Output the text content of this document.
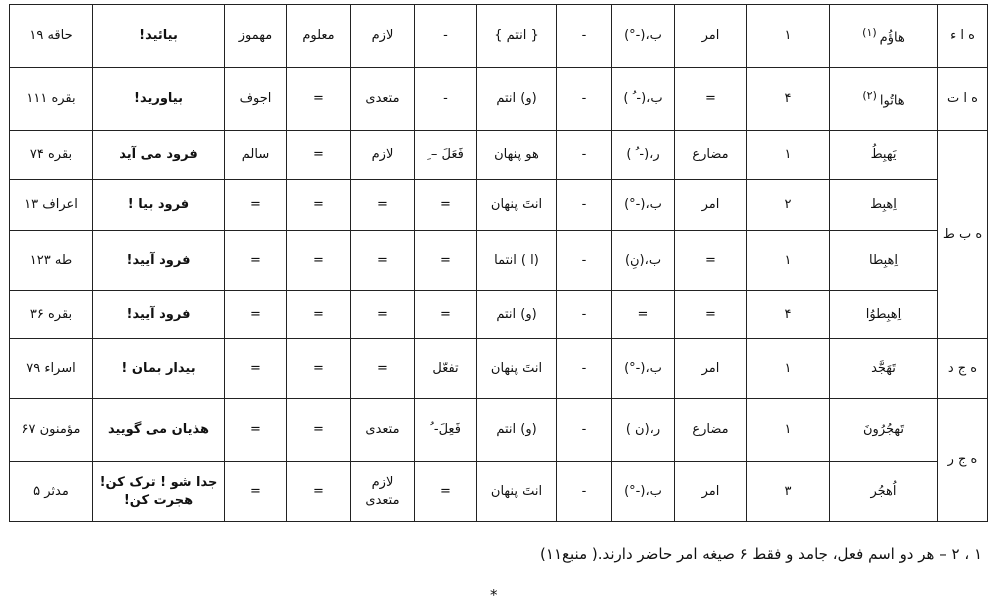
ه ا ء	هاؤُم$^{(١)}$	١	امر	ب،(-°)	-	{ انتم }	-	لازم	معلوم	مهموز	بیائید!	حاقه ١٩
ه ا ت	هاتُوا$^{(٢)}$	۴	=	ب،(- ُ )	-	(و) انتم	-	متعدی	=	اجوف	بیاورید!	بقره ١١١
ه ب ط	یَهبِطُ	١	مضارع	ر،(- ُ )	-	هو پنهان	فَعَلَ – ِ	لازم	=	سالم	فرود می آید	بقره ٧۴
	اِهبِط	٢	امر	ب،(-°)	-	انتَ پنهان	=	=	=	=	فرود بیا !	اعراف ١٣
	اِهبِطا	١	=	ب،(نِ)	-	(ا ) انتما	=	=	=	=	فرود آیید!	طه ١٢٣
	اِهبِطوُا	۴	=	=	-	(و) انتم	=	=	=	=	فرود آیید!	بقره ٣۶
ه ج د	تَهَجَّد	١	امر	ب،(-°)	-	انتَ پنهان	تفعّل	=	=	=	بیدار بمان !	اسراء ٧٩
ه ج ر	تَهجُرُونَ	١	مضارع	ر،(ن )	-	(و) انتم	فَعِلَ- ُ	متعدی	=	=	هذیان می گویید	مؤمنون ۶٧
	اُهجُر	٣	امر	ب،(-°)	-	انتَ پنهان	=	لازم متعدی	=	=	جدا شو ! ترک کن! هجرت کن!	مدثر ۵
١ ، ٢ – هر دو اسم فعل، جامد و فقط ۶ صیغه امر حاضر دارند.( منبع١١)
*
